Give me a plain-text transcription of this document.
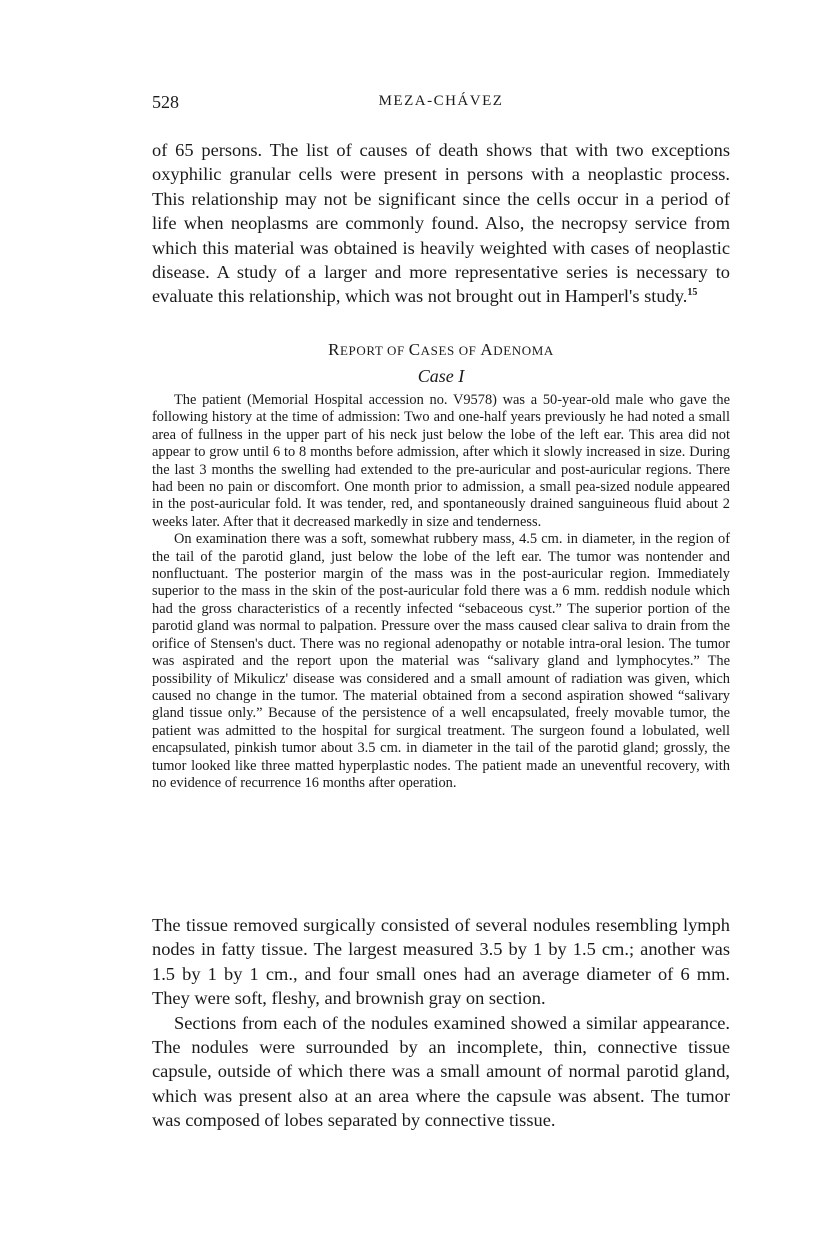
528	MEZA-CHÁVEZ

of 65 persons. The list of causes of death shows that with two exceptions oxyphilic granular cells were present in persons with a neoplastic process. This relationship may not be significant since the cells occur in a period of life when neoplasms are commonly found. Also, the necropsy service from which this material was obtained is heavily weighted with cases of neoplastic disease. A study of a larger and more representative series is necessary to evaluate this relationship, which was not brought out in Hamperl's study.$^{15}$

REPORT OF CASES OF ADENOMA
Case I

The patient (Memorial Hospital accession no. V9578) was a 50-year-old male who gave the following history at the time of admission: Two and one-half years previously he had noted a small area of fullness in the upper part of his neck just below the lobe of the left ear. This area did not appear to grow until 6 to 8 months before admission, after which it slowly increased in size. During the last 3 months the swelling had extended to the pre-auricular and post-auricular regions. There had been no pain or discomfort. One month prior to admission, a small pea-sized nodule appeared in the post-auricular fold. It was tender, red, and spontaneously drained sanguineous fluid about 2 weeks later. After that it decreased markedly in size and tenderness.

On examination there was a soft, somewhat rubbery mass, 4.5 cm. in diameter, in the region of the tail of the parotid gland, just below the lobe of the left ear. The tumor was nontender and nonfluctuant. The posterior margin of the mass was in the post-auricular region. Immediately superior to the mass in the skin of the post-auricular fold there was a 6 mm. reddish nodule which had the gross characteristics of a recently infected “sebaceous cyst.” The superior portion of the parotid gland was normal to palpation. Pressure over the mass caused clear saliva to drain from the orifice of Stensen's duct. There was no regional adenopathy or notable intra-oral lesion. The tumor was aspirated and the report upon the material was “salivary gland and lymphocytes.” The possibility of Mikulicz' disease was considered and a small amount of radiation was given, which caused no change in the tumor. The material obtained from a second aspiration showed “salivary gland tissue only.” Because of the persistence of a well encapsulated, freely movable tumor, the patient was admitted to the hospital for surgical treatment. The surgeon found a lobulated, well encapsulated, pinkish tumor about 3.5 cm. in diameter in the tail of the parotid gland; grossly, the tumor looked like three matted hyperplastic nodes. The patient made an uneventful recovery, with no evidence of recurrence 16 months after operation.

The tissue removed surgically consisted of several nodules resembling lymph nodes in fatty tissue. The largest measured 3.5 by 1 by 1.5 cm.; another was 1.5 by 1 by 1 cm., and four small ones had an average diameter of 6 mm. They were soft, fleshy, and brownish gray on section.

Sections from each of the nodules examined showed a similar appearance. The nodules were surrounded by an incomplete, thin, connective tissue capsule, outside of which there was a small amount of normal parotid gland, which was present also at an area where the capsule was absent. The tumor was composed of lobes separated by connective tissue.
